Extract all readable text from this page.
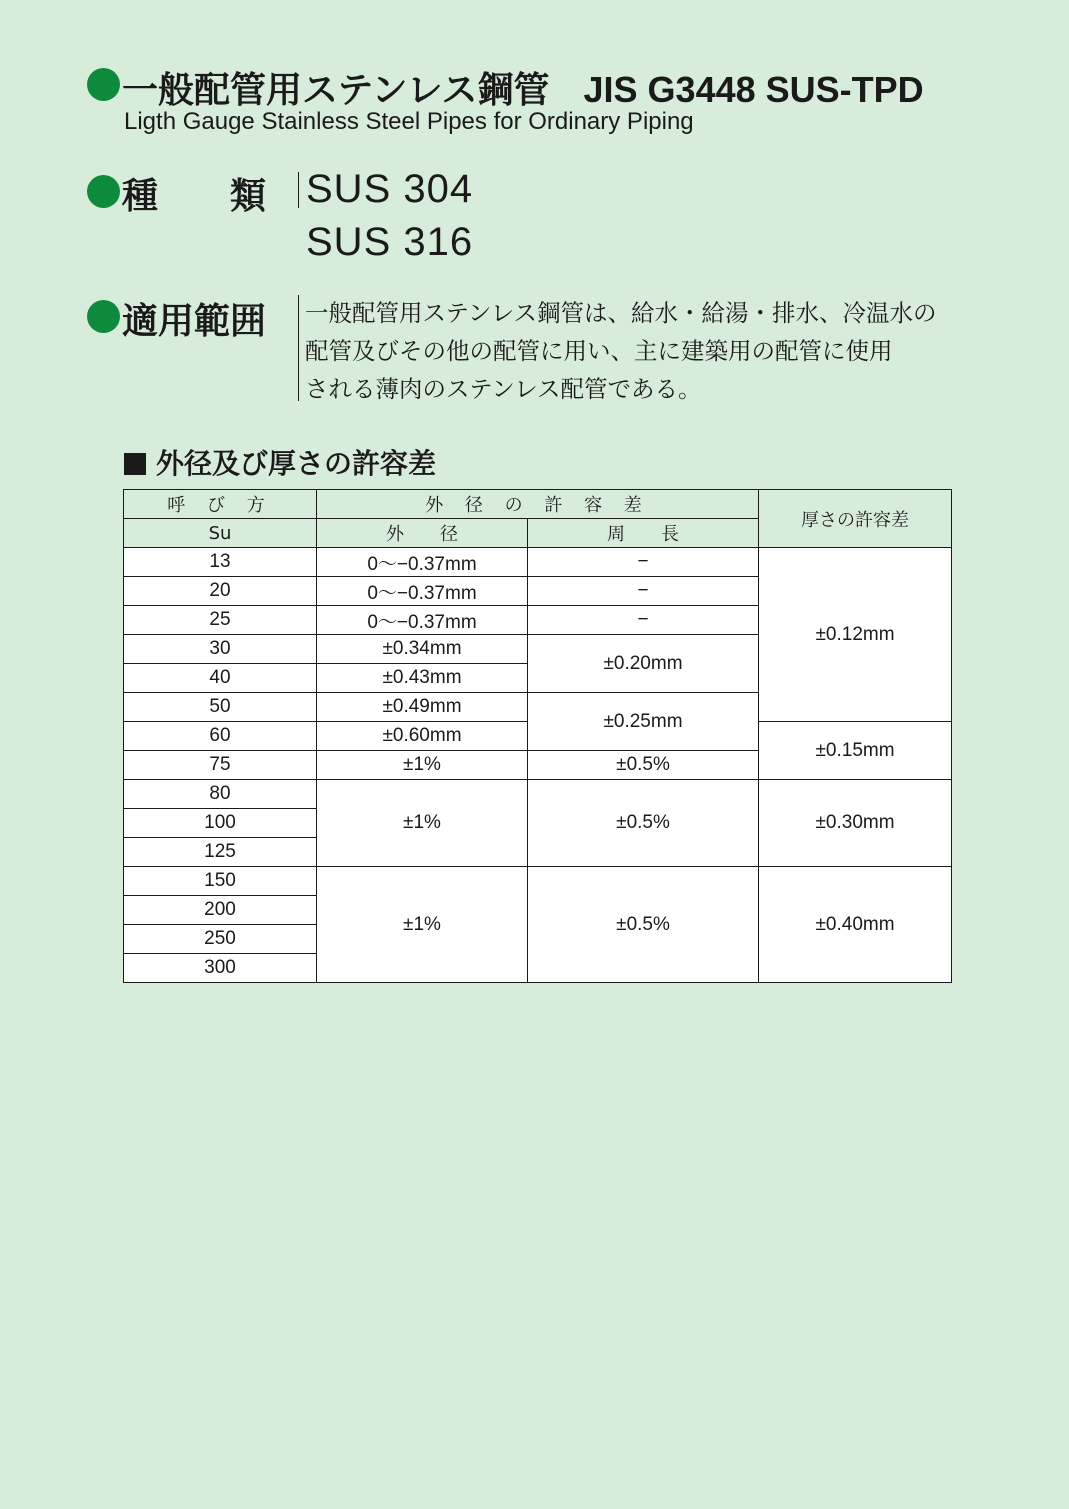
一般配管用ステンレス鋼管 JIS G3448 SUS-TPD
Ligth Gauge Stainless Steel Pipes for Ordinary Piping
種　　類 SUS 304
SUS 316
適用範囲 一般配管用ステンレス鋼管は、給水・給湯・排水、冷温水の
配管及びその他の配管に用い、主に建築用の配管に使用
される薄肉のステンレス配管である。
外径及び厚さの許容差
呼 び 方	外 径 の 許 容 差		厚さの許容差
Su	外　　径	周　　長	
13	0〜−0.37mm	−	±0.12mm
20	0〜−0.37mm	−	
25	0〜−0.37mm	−	
30	±0.34mm	±0.20mm	
40	±0.43mm		
50	±0.49mm	±0.25mm	
60	±0.60mm		±0.15mm
75	±1%	±0.5%	
80	±1%	±0.5%	±0.30mm
100			
125			
150	±1%	±0.5%	±0.40mm
200			
250			
300			
